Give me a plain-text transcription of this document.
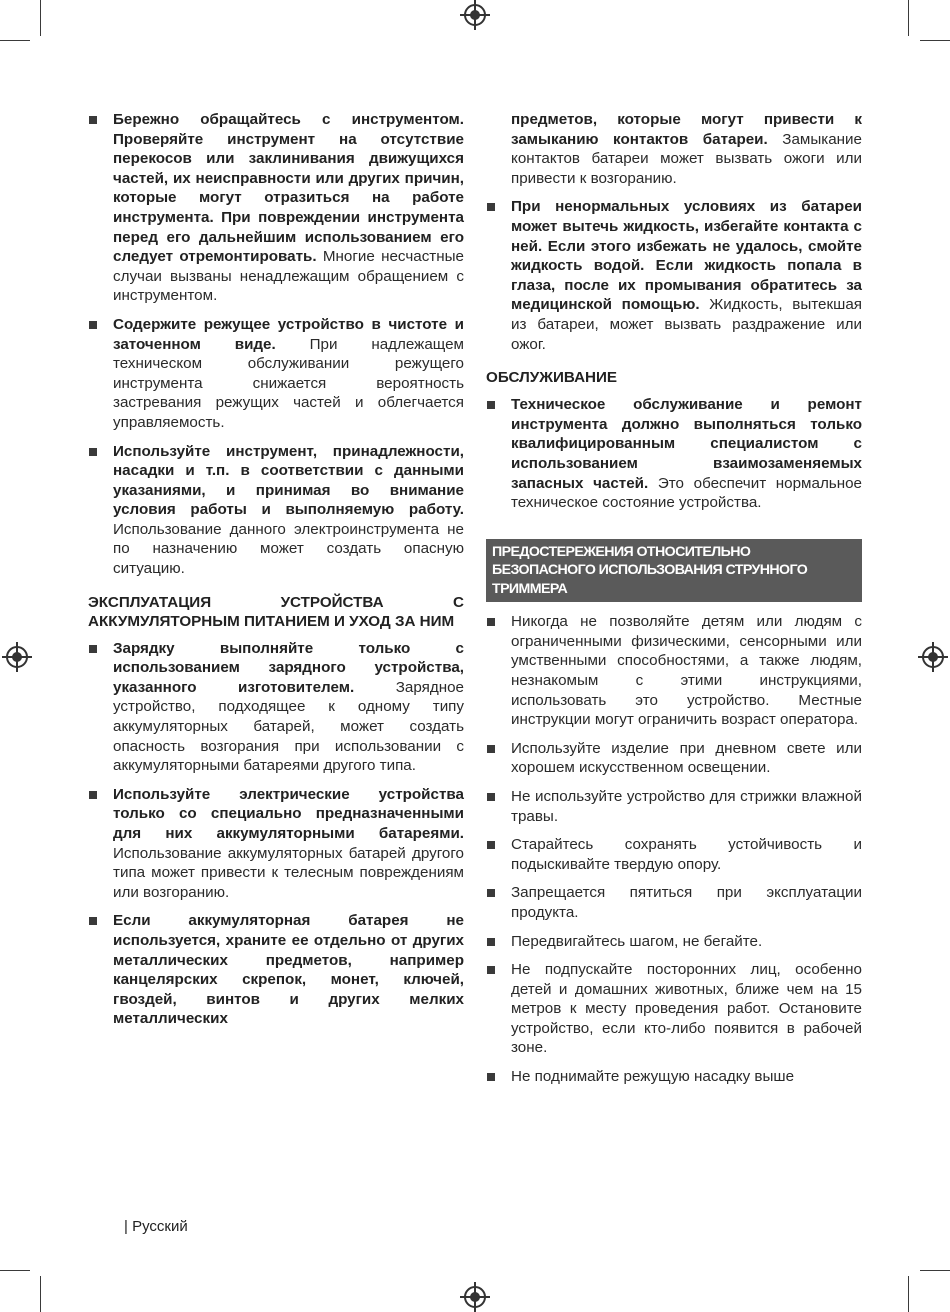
Бережно обращайтесь с инструментом. Проверяйте инструмент на отсутствие перекосов или заклинивания движущихся частей, их неисправности или других причин, которые могут отразиться на работе инструмента. При повреждении инструмента перед его дальнейшим использованием его следует отремонтировать. Многие несчастные случаи вызваны ненадлежащим обращением с инструментом.
Содержите режущее устройство в чистоте и заточенном виде. При надлежащем техническом обслуживании режущего инструмента снижается вероятность застревания режущих частей и облегчается управляемость.
Используйте инструмент, принадлежности, насадки и т.п. в соответствии с данными указаниями, и принимая во внимание условия работы и выполняемую работу. Использование данного электроинструмента не по назначению может создать опасную ситуацию.
ЭКСПЛУАТАЦИЯ УСТРОЙСТВА С АККУМУЛЯТОРНЫМ ПИТАНИЕМ И УХОД ЗА НИМ
Зарядку выполняйте только с использованием зарядного устройства, указанного изготовителем. Зарядное устройство, подходящее к одному типу аккумуляторных батарей, может создать опасность возгорания при использовании с аккумуляторными батареями другого типа.
Используйте электрические устройства только со специально предназначенными для них аккумуляторными батареями. Использование аккумуляторных батарей другого типа может привести к телесным повреждениям или возгоранию.
Если аккумуляторная батарея не используется, храните ее отдельно от других металлических предметов, например канцелярских скрепок, монет, ключей, гвоздей, винтов и других мелких металлических
предметов, которые могут привести к замыканию контактов батареи. Замыкание контактов батареи может вызвать ожоги или привести к возгоранию.
При ненормальных условиях из батареи может вытечь жидкость, избегайте контакта с ней. Если этого избежать не удалось, смойте жидкость водой. Если жидкость попала в глаза, после их промывания обратитесь за медицинской помощью. Жидкость, вытекшая из батареи, может вызвать раздражение или ожог.
ОБСЛУЖИВАНИЕ
Техническое обслуживание и ремонт инструмента должно выполняться только квалифицированным специалистом с использованием взаимозаменяемых запасных частей. Это обеспечит нормальное техническое состояние устройства.
ПРЕДОСТЕРЕЖЕНИЯ ОТНОСИТЕЛЬНО БЕЗОПАСНОГО ИСПОЛЬЗОВАНИЯ СТРУННОГО ТРИММЕРА
Никогда не позволяйте детям или людям с ограниченными физическими, сенсорными или умственными способностями, а также людям, незнакомым с этими инструкциями, использовать это устройство. Местные инструкции могут ограничить возраст оператора.
Используйте изделие при дневном свете или хорошем искусственном освещении.
Не используйте устройство для стрижки влажной травы.
Старайтесь сохранять устойчивость и подыскивайте твердую опору.
Запрещается пятиться при эксплуатации продукта.
Передвигайтесь шагом, не бегайте.
Не подпускайте посторонних лиц, особенно детей и домашних животных, ближе чем на 15 метров к месту проведения работ. Остановите устройство, если кто-либо появится в рабочей зоне.
Не поднимайте режущую насадку выше
| Русский
